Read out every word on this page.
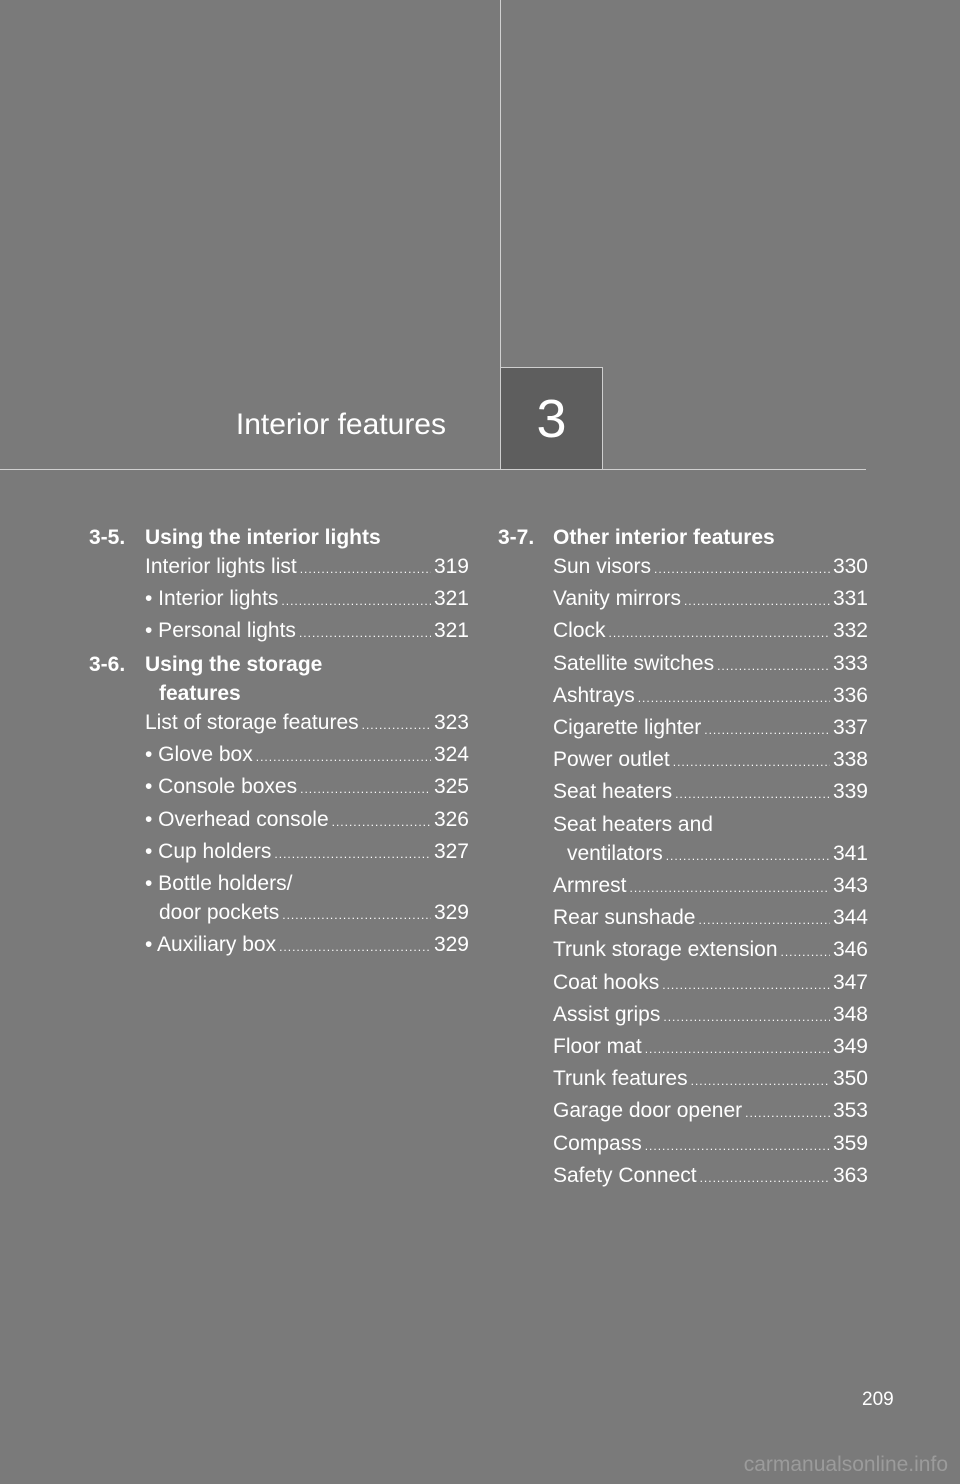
Interior features 3
3-5. Using the interior lights
Interior lights list .....	319
• Interior lights .....	321
• Personal lights .....	321
3-6. Using the storage
features
List of storage features .....	323
• Glove box .....	324
• Console boxes .....	325
• Overhead console .....	326
• Cup holders .....	327
• Bottle holders/
door pockets .....	329
• Auxiliary box .....	329
3-7. Other interior features
Sun visors .....	330
Vanity mirrors .....	331
Clock .....	332
Satellite switches .....	333
Ashtrays .....	336
Cigarette lighter .....	337
Power outlet .....	338
Seat heaters .....	339
Seat heaters and
ventilators .....	341
Armrest .....	343
Rear sunshade .....	344
Trunk storage extension .....	346
Coat hooks .....	347
Assist grips .....	348
Floor mat .....	349
Trunk features .....	350
Garage door opener .....	353
Compass .....	359
Safety Connect .....	363
209
carmanualsonline.info
